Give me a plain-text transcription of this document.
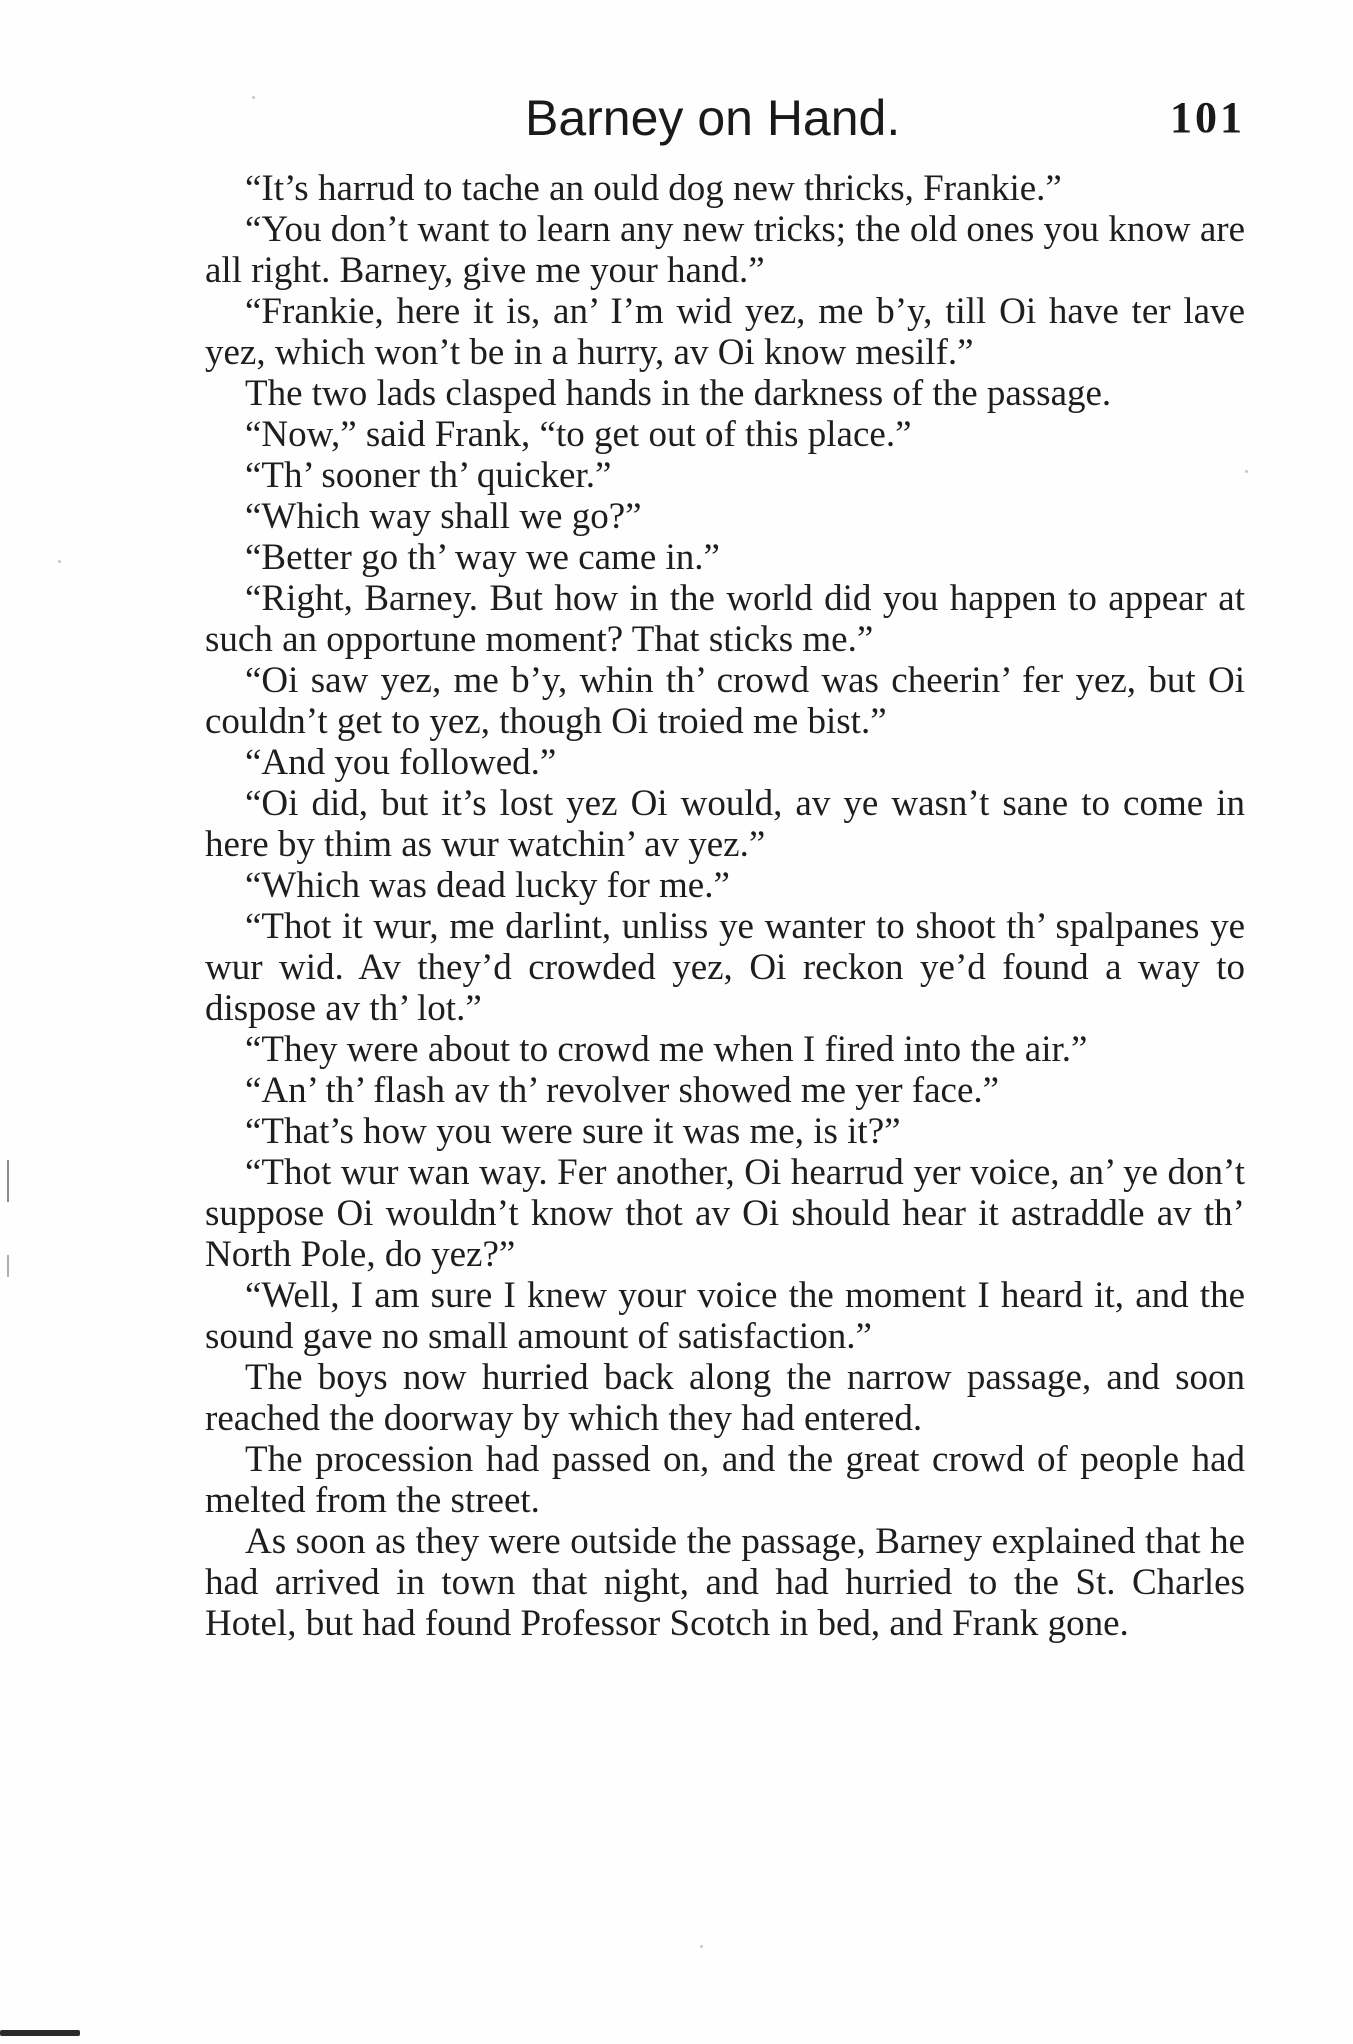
Barney on Hand.	101

“It’s harrud to tache an ould dog new thricks, Frankie.”

“You don’t want to learn any new tricks; the old ones you know are all right. Barney, give me your hand.”

“Frankie, here it is, an’ I’m wid yez, me b’y, till Oi have ter lave yez, which won’t be in a hurry, av Oi know mesilf.”

The two lads clasped hands in the darkness of the passage.

“Now,” said Frank, “to get out of this place.”

“Th’ sooner th’ quicker.”

“Which way shall we go?”

“Better go th’ way we came in.”

“Right, Barney. But how in the world did you happen to appear at such an opportune moment? That sticks me.”

“Oi saw yez, me b’y, whin th’ crowd was cheerin’ fer yez, but Oi couldn’t get to yez, though Oi troied me bist.”

“And you followed.”

“Oi did, but it’s lost yez Oi would, av ye wasn’t sane to come in here by thim as wur watchin’ av yez.”

“Which was dead lucky for me.”

“Thot it wur, me darlint, unliss ye wanter to shoot th’ spalpanes ye wur wid. Av they’d crowded yez, Oi reckon ye’d found a way to dispose av th’ lot.”

“They were about to crowd me when I fired into the air.”

“An’ th’ flash av th’ revolver showed me yer face.”

“That’s how you were sure it was me, is it?”

“Thot wur wan way. Fer another, Oi hearrud yer voice, an’ ye don’t suppose Oi wouldn’t know thot av Oi should hear it astraddle av th’ North Pole, do yez?”

“Well, I am sure I knew your voice the moment I heard it, and the sound gave no small amount of satisfaction.”

The boys now hurried back along the narrow passage, and soon reached the doorway by which they had entered.

The procession had passed on, and the great crowd of people had melted from the street.

As soon as they were outside the passage, Barney explained that he had arrived in town that night, and had hurried to the St. Charles Hotel, but had found Professor Scotch in bed, and Frank gone.
